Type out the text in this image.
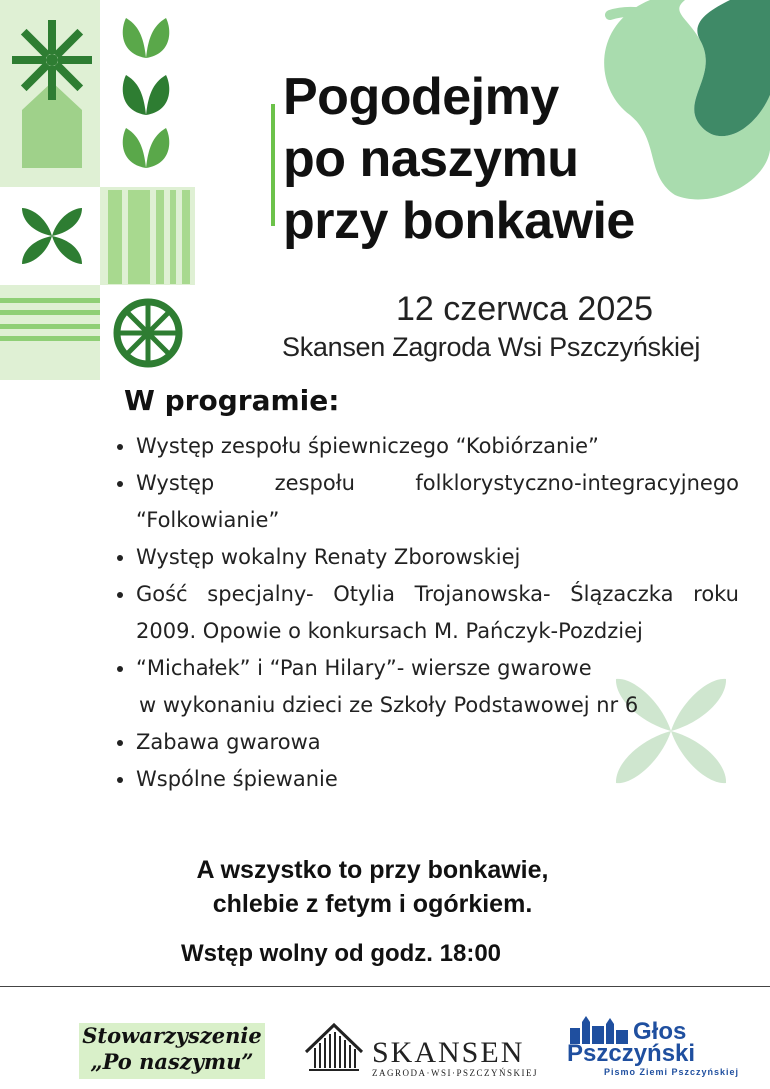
Pogodejmy
po naszymu
przy bonkawie
12 czerwca 2025
Skansen Zagroda Wsi Pszczyńskiej
W programie:
• Występ zespołu śpiewniczego “Kobiórzanie”
• Występ zespołu folklorystyczno-integracyjnego “Folkowianie”
• Występ wokalny Renaty Zborowskiej
• Gość specjalny- Otylia Trojanowska- Ślązaczka roku 2009. Opowie o konkursach M. Pańczyk-Pozdziej
• “Michałek” i “Pan Hilary”- wiersze gwarowe
w wykonaniu dzieci ze Szkoły Podstawowej nr 6
• Zabawa gwarowa
• Wspólne śpiewanie
A wszystko to przy bonkawie,
chlebie z fetym i ogórkiem.
Wstęp wolny od godz. 18:00
Stowarzyszenie
„Po naszymu”	SKANSEN
ZAGRODA·WSI·PSZCZYŃSKIEJ
Głos
Pszczyński
Pismo Ziemi Pszczyńskiej
